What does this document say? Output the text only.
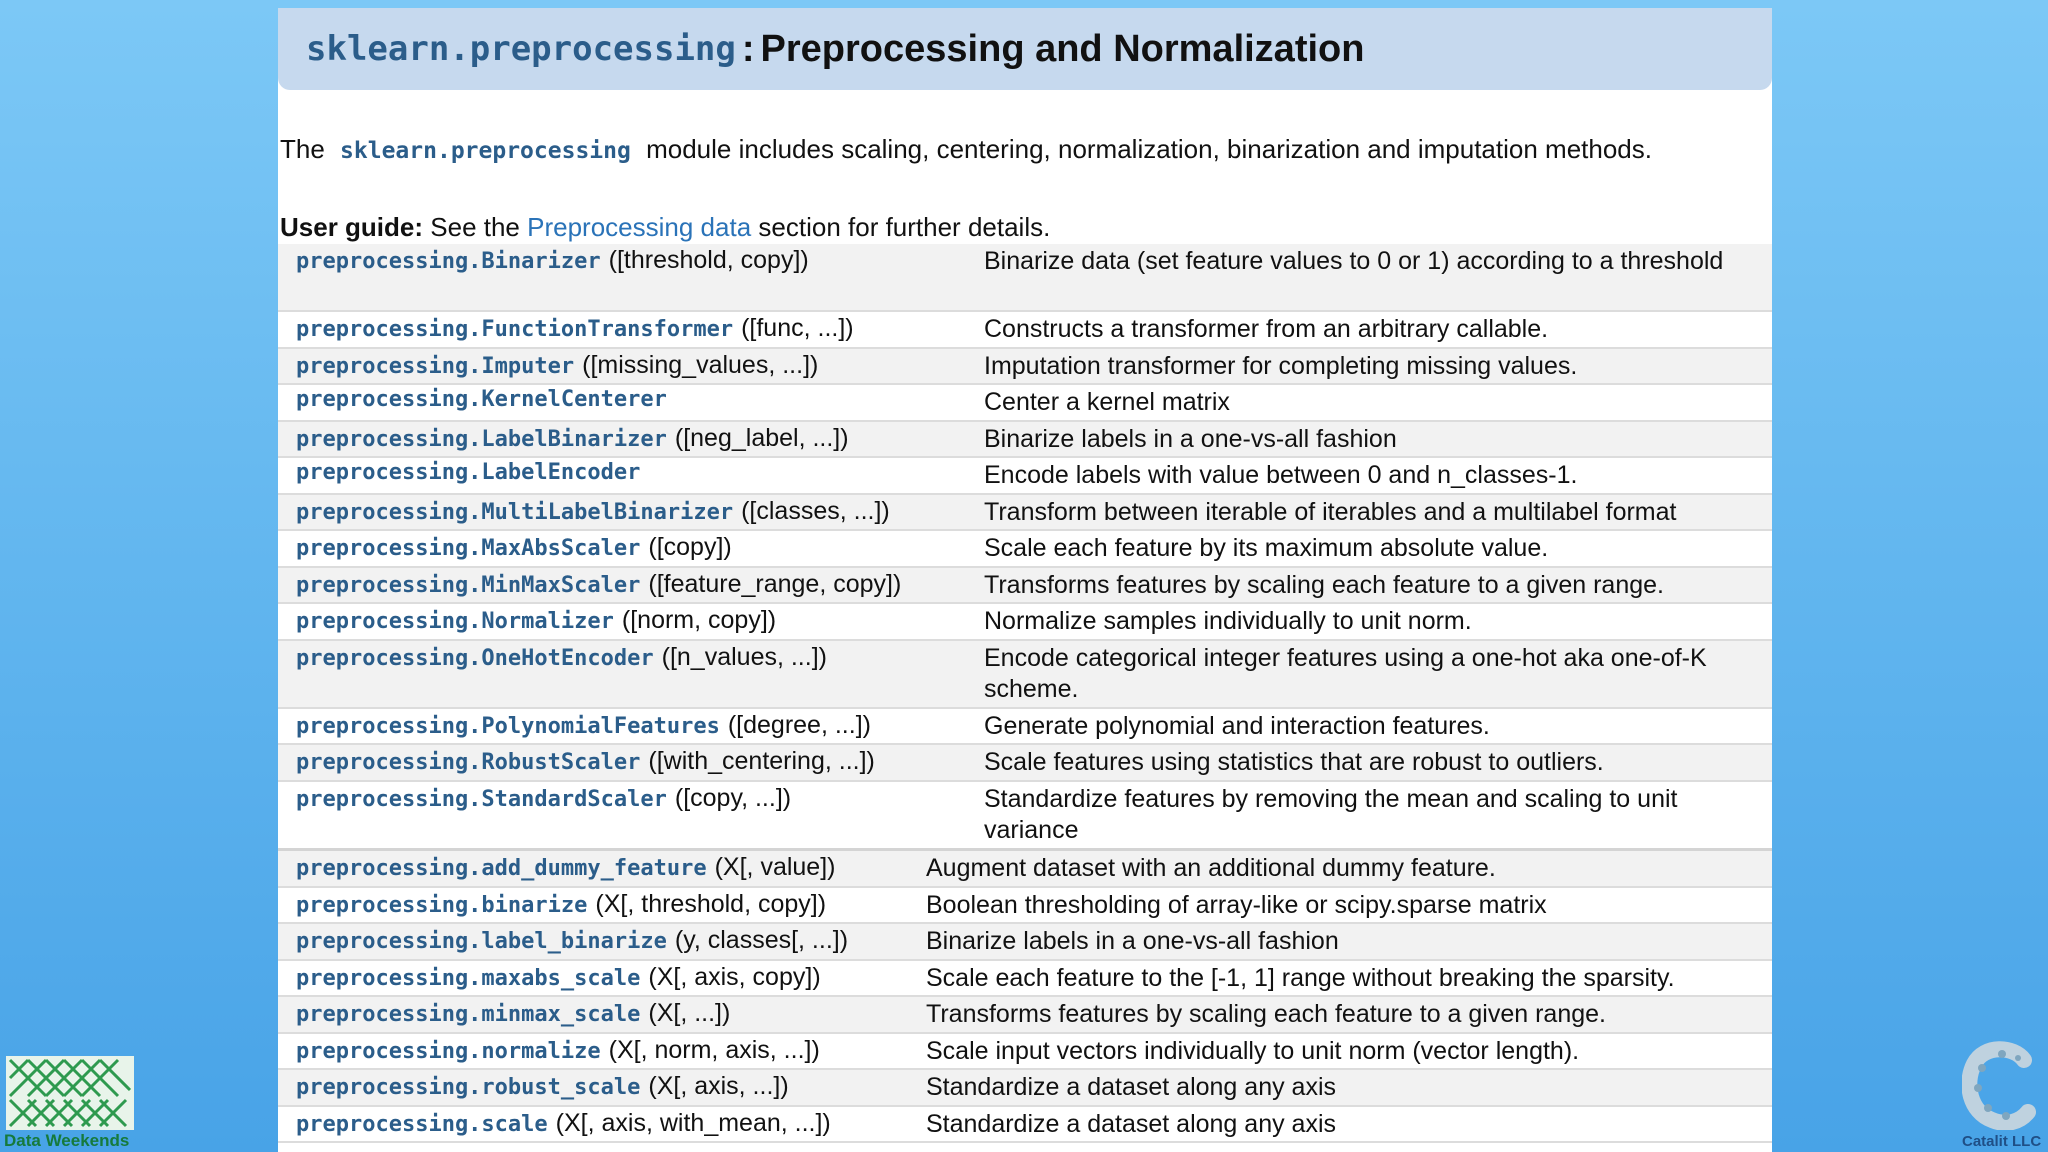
sklearn.preprocessing : Preprocessing and Normalization
The sklearn.preprocessing module includes scaling, centering, normalization, binarization and imputation methods.
User guide: See the Preprocessing data section for further details.
preprocessing.Binarizer ([threshold, copy])	Binarize data (set feature values to 0 or 1) according to a threshold
preprocessing.FunctionTransformer ([func, ...])	Constructs a transformer from an arbitrary callable.
preprocessing.Imputer ([missing_values, ...])	Imputation transformer for completing missing values.
preprocessing.KernelCenterer	Center a kernel matrix
preprocessing.LabelBinarizer ([neg_label, ...])	Binarize labels in a one-vs-all fashion
preprocessing.LabelEncoder	Encode labels with value between 0 and n_classes-1.
preprocessing.MultiLabelBinarizer ([classes, ...])	Transform between iterable of iterables and a multilabel format
preprocessing.MaxAbsScaler ([copy])	Scale each feature by its maximum absolute value.
preprocessing.MinMaxScaler ([feature_range, copy])	Transforms features by scaling each feature to a given range.
preprocessing.Normalizer ([norm, copy])	Normalize samples individually to unit norm.
preprocessing.OneHotEncoder ([n_values, ...])	Encode categorical integer features using a one-hot aka one-of-K scheme.
preprocessing.PolynomialFeatures ([degree, ...])	Generate polynomial and interaction features.
preprocessing.RobustScaler ([with_centering, ...])	Scale features using statistics that are robust to outliers.
preprocessing.StandardScaler ([copy, ...])	Standardize features by removing the mean and scaling to unit variance
preprocessing.add_dummy_feature (X[, value])	Augment dataset with an additional dummy feature.
preprocessing.binarize (X[, threshold, copy])	Boolean thresholding of array-like or scipy.sparse matrix
preprocessing.label_binarize (y, classes[, ...])	Binarize labels in a one-vs-all fashion
preprocessing.maxabs_scale (X[, axis, copy])	Scale each feature to the [-1, 1] range without breaking the sparsity.
preprocessing.minmax_scale (X[, ...])	Transforms features by scaling each feature to a given range.
preprocessing.normalize (X[, norm, axis, ...])	Scale input vectors individually to unit norm (vector length).
preprocessing.robust_scale (X[, axis, ...])	Standardize a dataset along any axis
preprocessing.scale (X[, axis, with_mean, ...])	Standardize a dataset along any axis
Data Weekends	Catalit LLC
